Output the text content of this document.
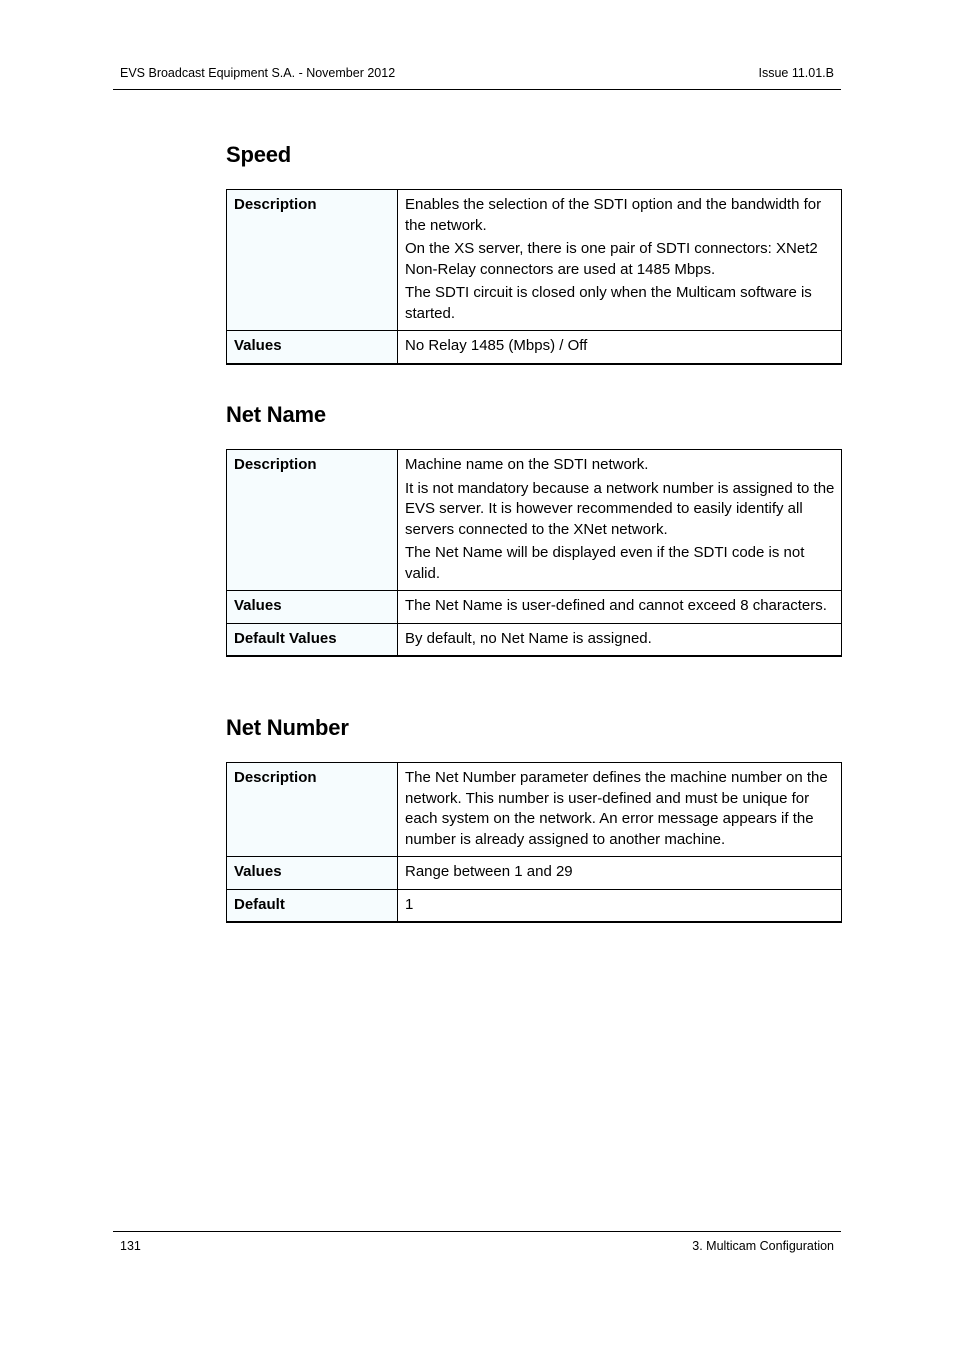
EVS Broadcast Equipment S.A. - November 2012	Issue 11.01.B
Speed
Description	Enables the selection of the SDTI option and the bandwidth for the network.

On the XS server, there is one pair of SDTI connectors: XNet2 Non-Relay connectors are used at 1485 Mbps.

The SDTI circuit is closed only when the Multicam software is started.

Values	No Relay 1485 (Mbps) / Off

Net Name
Description	Machine name on the SDTI network.

It is not mandatory because a network number is assigned to the EVS server. It is however recommended to easily identify all servers connected to the XNet network.

The Net Name will be displayed even if the SDTI code is not valid.

Values	The Net Name is user-defined and cannot exceed 8 characters.

Default Values	By default, no Net Name is assigned.

Net Number
Description	The Net Number parameter defines the machine number on the network. This number is user-defined and must be unique for each system on the network. An error message appears if the number is already assigned to another machine.

Values	Range between 1 and 29

Default	1

131	3. Multicam Configuration
